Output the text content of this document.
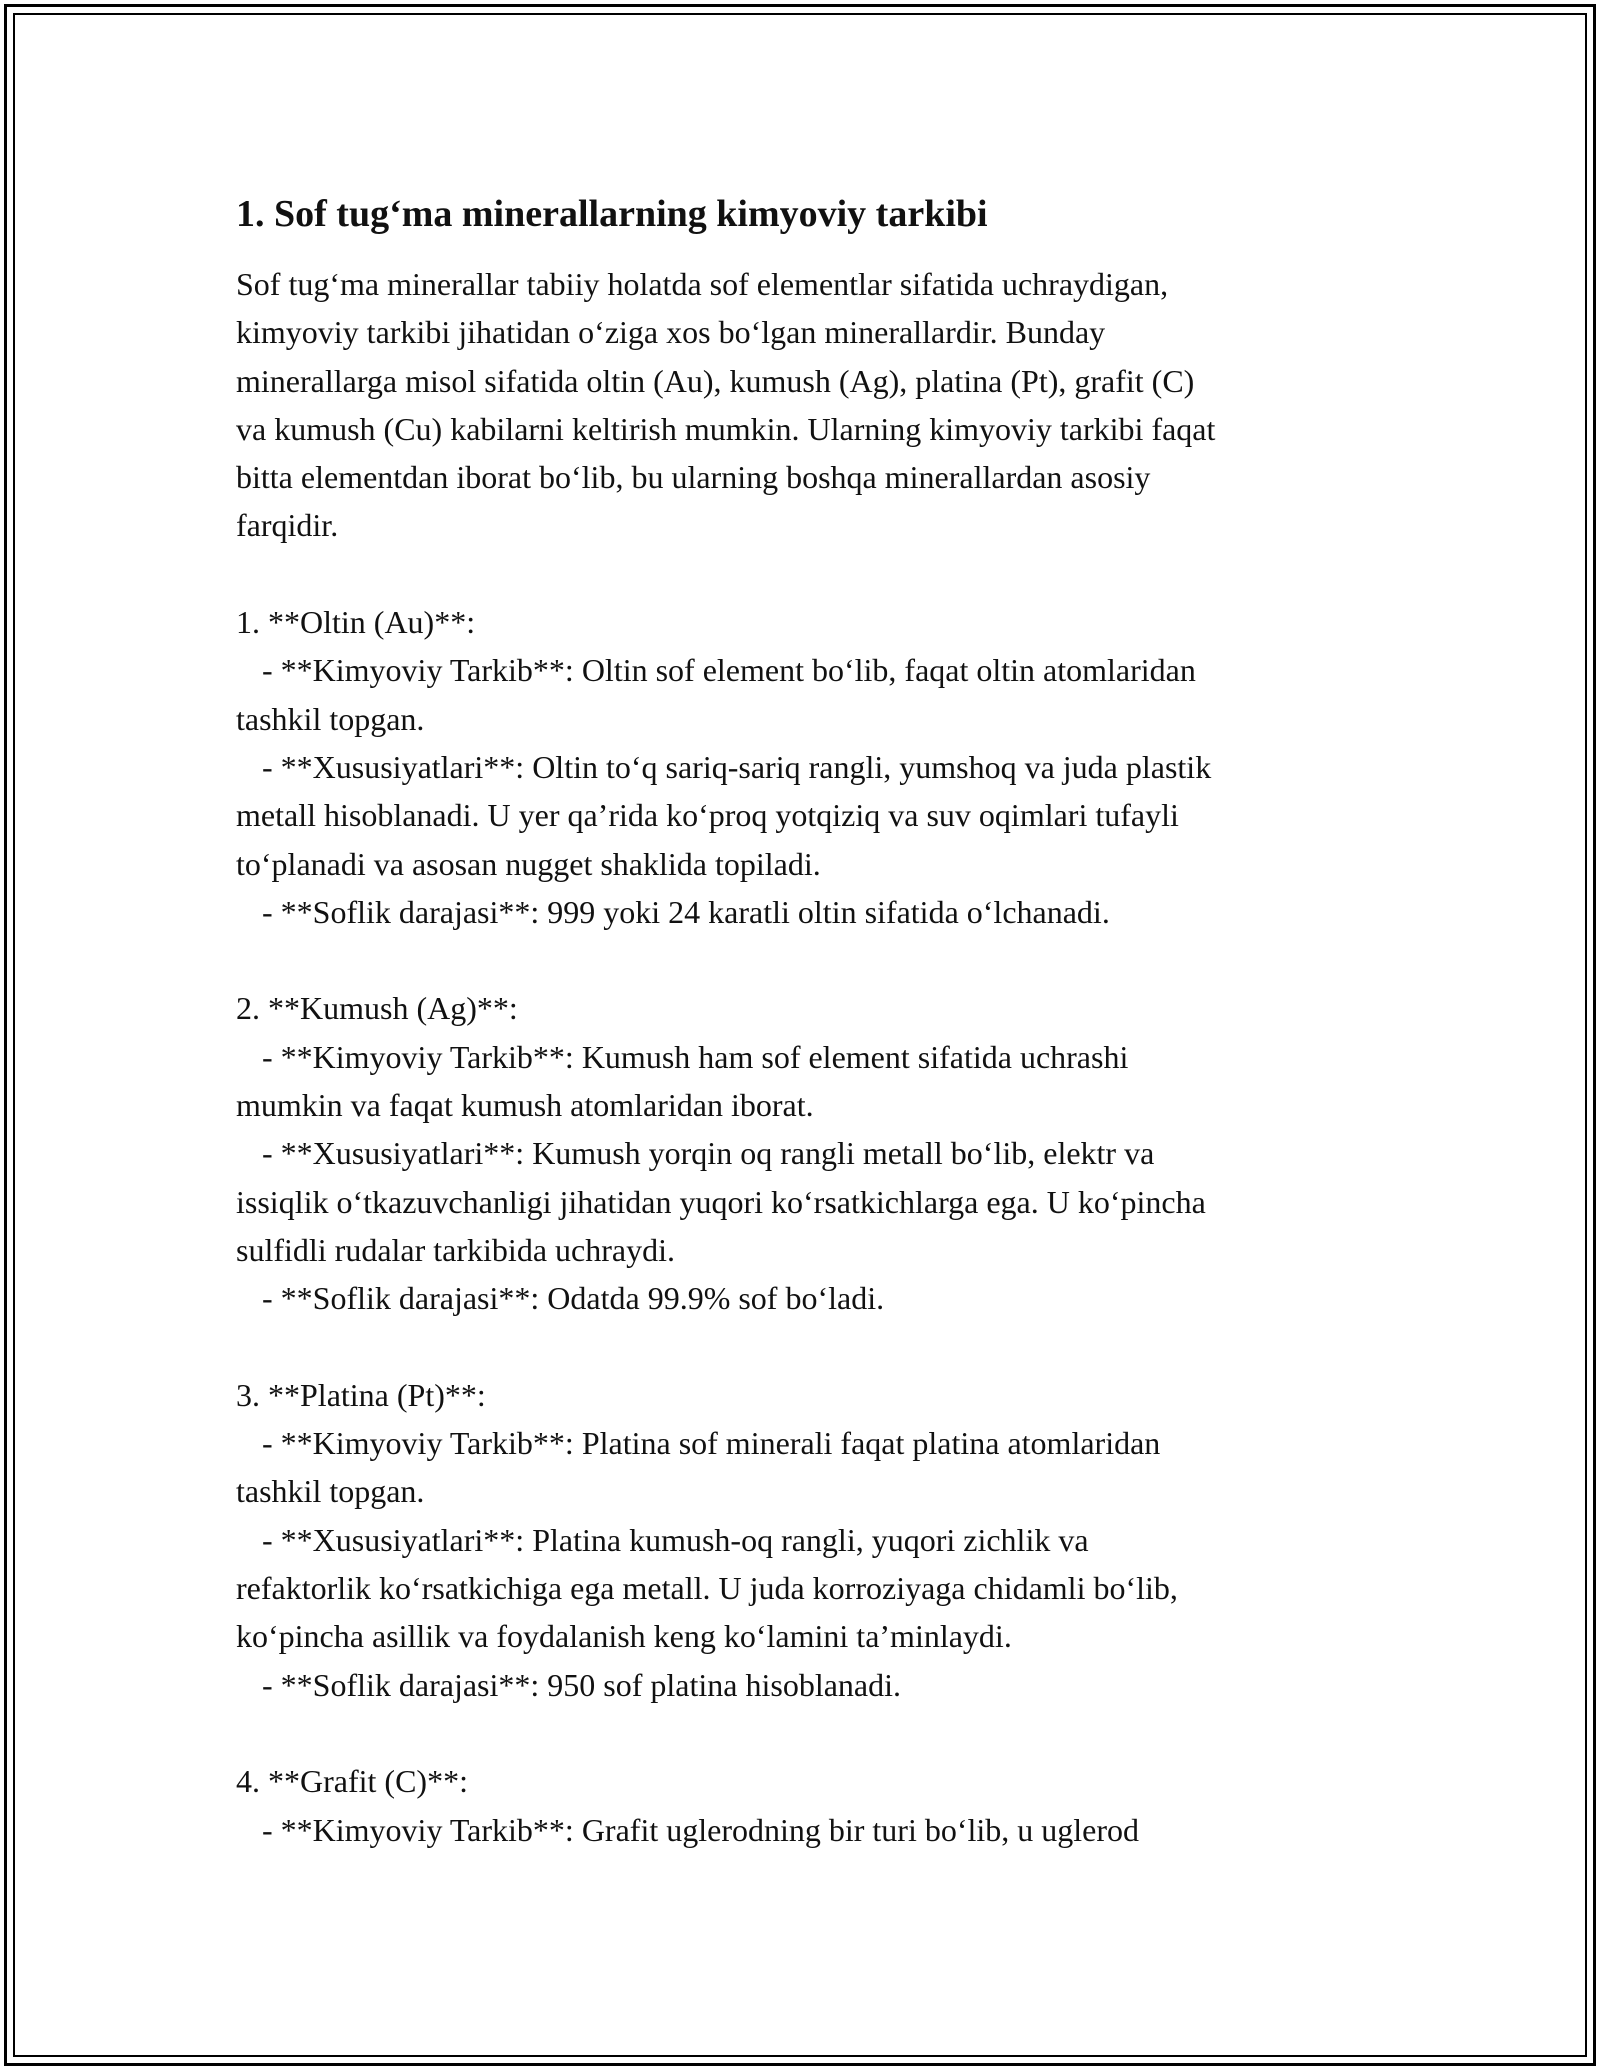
1. Sof tug‘ma minerallarning kimyoviy tarkibi

Sof tug‘ma minerallar tabiiy holatda sof elementlar sifatida uchraydigan,

kimyoviy tarkibi jihatidan o‘ziga xos bo‘lgan minerallardir. Bunday

minerallarga misol sifatida oltin (Au), kumush (Ag), platina (Pt), grafit (C)

va kumush (Cu) kabilarni keltirish mumkin. Ularning kimyoviy tarkibi faqat

bitta elementdan iborat bo‘lib, bu ularning boshqa minerallardan asosiy

farqidir.

1. **Oltin (Au)**:

- **Kimyoviy Tarkib**: Oltin sof element bo‘lib, faqat oltin atomlaridan

tashkil topgan.

- **Xususiyatlari**: Oltin to‘q sariq-sariq rangli, yumshoq va juda plastik

metall hisoblanadi. U yer qa’rida ko‘proq yotqiziq va suv oqimlari tufayli

to‘planadi va asosan nugget shaklida topiladi.

- **Soflik darajasi**: 999 yoki 24 karatli oltin sifatida o‘lchanadi.

2. **Kumush (Ag)**:

- **Kimyoviy Tarkib**: Kumush ham sof element sifatida uchrashi

mumkin va faqat kumush atomlaridan iborat.

- **Xususiyatlari**: Kumush yorqin oq rangli metall bo‘lib, elektr va

issiqlik o‘tkazuvchanligi jihatidan yuqori ko‘rsatkichlarga ega. U ko‘pincha

sulfidli rudalar tarkibida uchraydi.

- **Soflik darajasi**: Odatda 99.9% sof bo‘ladi.

3. **Platina (Pt)**:

- **Kimyoviy Tarkib**: Platina sof minerali faqat platina atomlaridan

tashkil topgan.

- **Xususiyatlari**: Platina kumush-oq rangli, yuqori zichlik va

refaktorlik ko‘rsatkichiga ega metall. U juda korroziyaga chidamli bo‘lib,

ko‘pincha asillik va foydalanish keng ko‘lamini ta’minlaydi.

- **Soflik darajasi**: 950 sof platina hisoblanadi.

4. **Grafit (C)**:

- **Kimyoviy Tarkib**: Grafit uglerodning bir turi bo‘lib, u uglerod
